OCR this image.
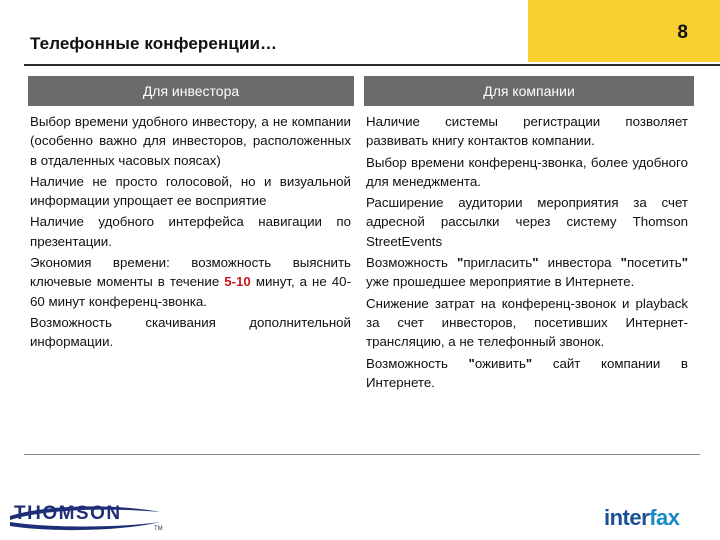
Телефонные конференции…
8
Для инвестора	Для компании
Выбор времени удобного инвестору, а не компании (особенно важно для инвесторов, расположенных в отдаленных часовых поясах)
Наличие не просто голосовой, но и визуальной информации упрощает ее восприятие
Наличие удобного интерфейса навигации по презентации.
Экономия времени: возможность выяснить ключевые моменты в течение 5-10 минут, а не 40-60 минут конференц-звонка.
Возможность скачивания дополнительной информации.
Наличие системы регистрации позволяет развивать книгу контактов компании.
Выбор времени конференц-звонка, более удобного для менеджмента.
Расширение аудитории мероприятия за счет адресной рассылки через систему Thomson StreetEvents
Возможность "пригласить" инвестора "посетить" уже прошедшее мероприятие в Интернете.
Снижение затрат на конференц-звонок и playback за счет инвесторов, посетивших Интернет-трансляцию, а не телефонный звонок.
Возможность "оживить" сайт компании в Интернете.
THOMSON
TM	interfax
